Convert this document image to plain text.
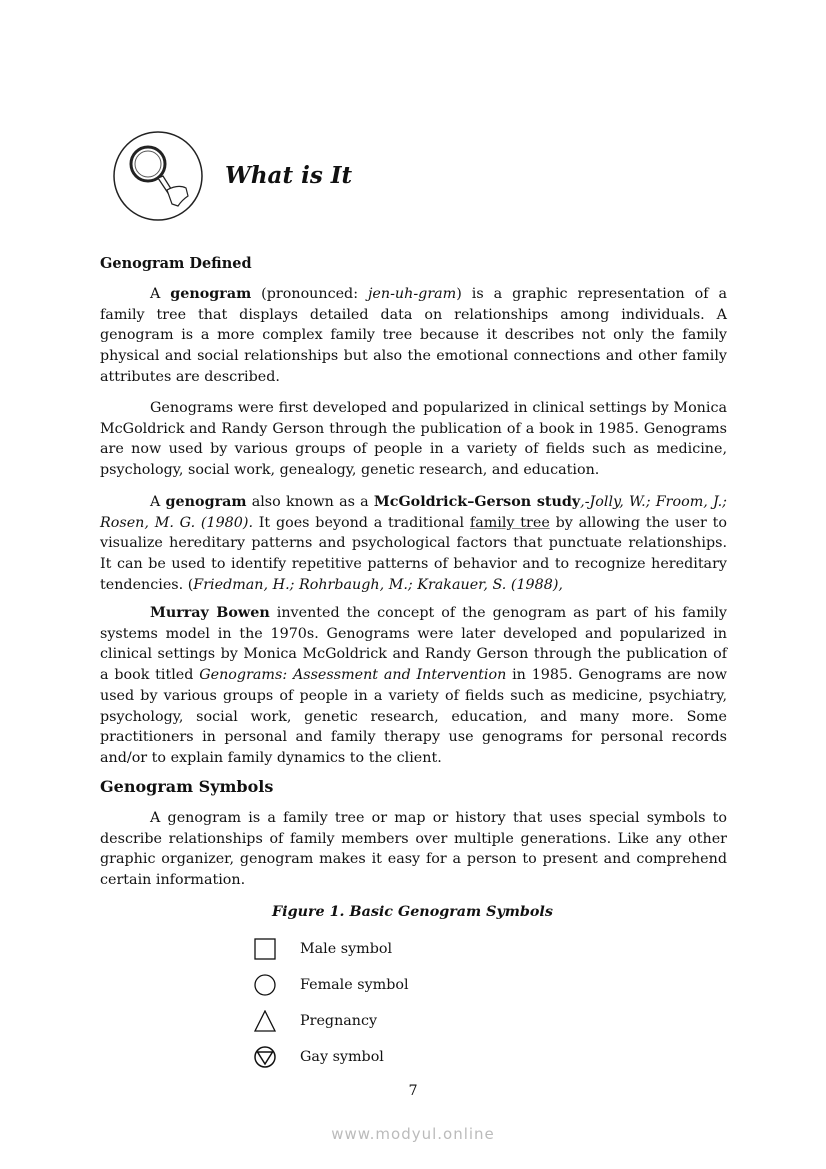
What is It
Genogram Defined
A genogram (pronounced: jen-uh-gram) is a graphic representation of a family tree that displays detailed data on relationships among individuals. A genogram is a more complex family tree because it describes not only the family physical and social relationships but also the emotional connections and other family attributes are described.
Genograms were first developed and popularized in clinical settings by Monica McGoldrick and Randy Gerson through the publication of a book in 1985. Genograms are now used by various groups of people in a variety of fields such as medicine, psychology, social work, genealogy, genetic research, and education.
A genogram also known as a McGoldrick–Gerson study,-Jolly, W.; Froom, J.; Rosen, M. G. (1980). It goes beyond a traditional family tree by allowing the user to visualize hereditary patterns and psychological factors that punctuate relationships. It can be used to identify repetitive patterns of behavior and to recognize hereditary tendencies. (Friedman, H.; Rohrbaugh, M.; Krakauer, S. (1988),
Murray Bowen invented the concept of the genogram as part of his family systems model in the 1970s. Genograms were later developed and popularized in clinical settings by Monica McGoldrick and Randy Gerson through the publication of a book titled Genograms: Assessment and Intervention in 1985. Genograms are now used by various groups of people in a variety of fields such as medicine, psychiatry, psychology, social work, genetic research, education, and many more. Some practitioners in personal and family therapy use genograms for personal records and/or to explain family dynamics to the client.
Genogram Symbols
A genogram is a family tree or map or history that uses special symbols to describe relationships of family members over multiple generations. Like any other graphic organizer, genogram makes it easy for a person to present and comprehend certain information.
Figure 1. Basic Genogram Symbols
Male symbol
Female symbol
Pregnancy
Gay symbol
7
www.modyul.online
